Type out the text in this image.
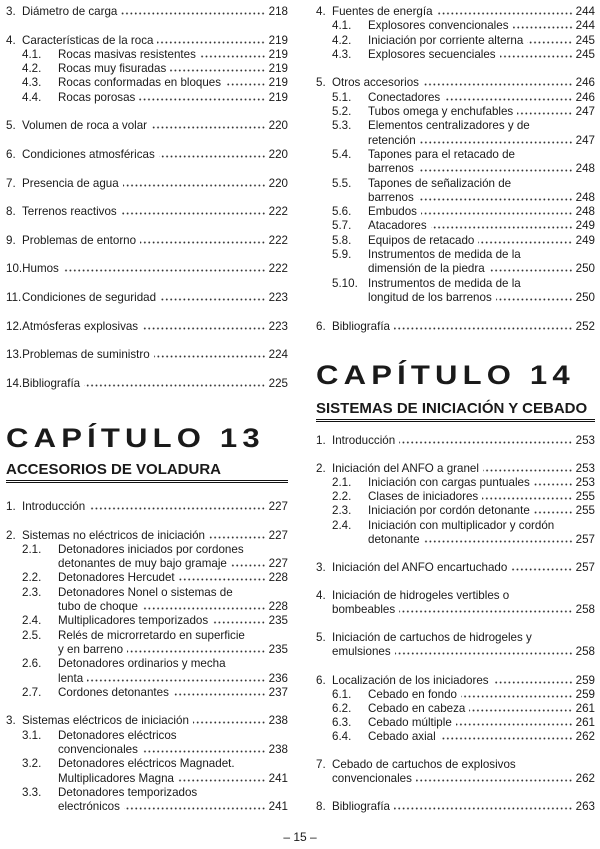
3. Diámetro de carga	218
4. Características de la roca	219
4.1.	Rocas masivas resistentes	219
4.2.	Rocas muy fisuradas	219
4.3.	Rocas conformadas en bloques	219
4.4.	Rocas porosas	219
5. Volumen de roca a volar	220
6. Condiciones atmosféricas	220
7. Presencia de agua	220
8. Terrenos reactivos	222
9. Problemas de entorno	222
10. Humos	222
11. Condiciones de seguridad	223
12. Atmósferas explosivas	223
13. Problemas de suministro	224
14. Bibliografía	225
CAPÍTULO 13
ACCESORIOS DE VOLADURA
1. Introducción	227
2. Sistemas no eléctricos de iniciación	227
2.1.	Detonadores iniciados por cordones
detonantes de muy bajo gramaje	227
2.2.	Detonadores Hercudet	228
2.3.	Detonadores Nonel o sistemas de
tubo de choque	228
2.4.	Multiplicadores temporizados	235
2.5.	Relés de microrretardo en superficie
y en barreno	235
2.6.	Detonadores ordinarios y mecha
lenta	236
2.7.	Cordones detonantes	237
3. Sistemas eléctricos de iniciación	238
3.1.	Detonadores eléctricos
convencionales	238
3.2.	Detonadores eléctricos Magnadet.
Multiplicadores Magna	241
3.3.	Detonadores temporizados
electrónicos	241
4. Fuentes de energía	244
4.1.	Explosores convencionales	244
4.2.	Iniciación por corriente alterna	245
4.3.	Explosores secuenciales	245
5. Otros accesorios	246
5.1.	Conectadores	246
5.2.	Tubos omega y enchufables	247
5.3.	Elementos centralizadores y de
retención	247
5.4.	Tapones para el retacado de
barrenos	248
5.5.	Tapones de señalización de
barrenos	248
5.6.	Embudos	248
5.7.	Atacadores	249
5.8.	Equipos de retacado	249
5.9.	Instrumentos de medida de la
dimensión de la piedra	250
5.10. Instrumentos de medida de la
longitud de los barrenos	250
6. Bibliografía	252
CAPÍTULO 14
SISTEMAS DE INICIACIÓN Y CEBADO
1. Introducción	253
2. Iniciación del ANFO a granel	253
2.1.	Iniciación con cargas puntuales	253
2.2.	Clases de iniciadores	255
2.3.	Iniciación por cordón detonante	255
2.4.	Iniciación con multiplicador y cordón
detonante	257
3. Iniciación del ANFO encartuchado	257
4. Iniciación de hidrogeles vertibles o
bombeables	258
5. Iniciación de cartuchos de hidrogeles y
emulsiones	258
6. Localización de los iniciadores	259
6.1.	Cebado en fondo	259
6.2.	Cebado en cabeza	261
6.3.	Cebado múltiple	261
6.4.	Cebado axial	262
7. Cebado de cartuchos de explosivos
convencionales	262
8. Bibliografía	263
– 15 –
